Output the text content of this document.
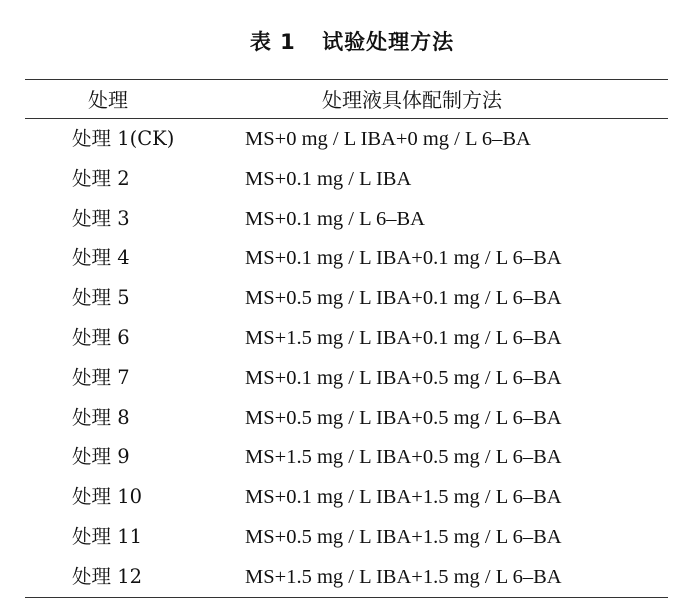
表 1 试验处理方法
处理	处理液具体配制方法
处理 1(CK)	MS+0 mg / L IBA+0 mg / L 6–BA
处理 2	MS+0.1 mg / L IBA
处理 3	MS+0.1 mg / L 6–BA
处理 4	MS+0.1 mg / L IBA+0.1 mg / L 6–BA
处理 5	MS+0.5 mg / L IBA+0.1 mg / L 6–BA
处理 6	MS+1.5 mg / L IBA+0.1 mg / L 6–BA
处理 7	MS+0.1 mg / L IBA+0.5 mg / L 6–BA
处理 8	MS+0.5 mg / L IBA+0.5 mg / L 6–BA
处理 9	MS+1.5 mg / L IBA+0.5 mg / L 6–BA
处理 10	MS+0.1 mg / L IBA+1.5 mg / L 6–BA
处理 11	MS+0.5 mg / L IBA+1.5 mg / L 6–BA
处理 12	MS+1.5 mg / L IBA+1.5 mg / L 6–BA
